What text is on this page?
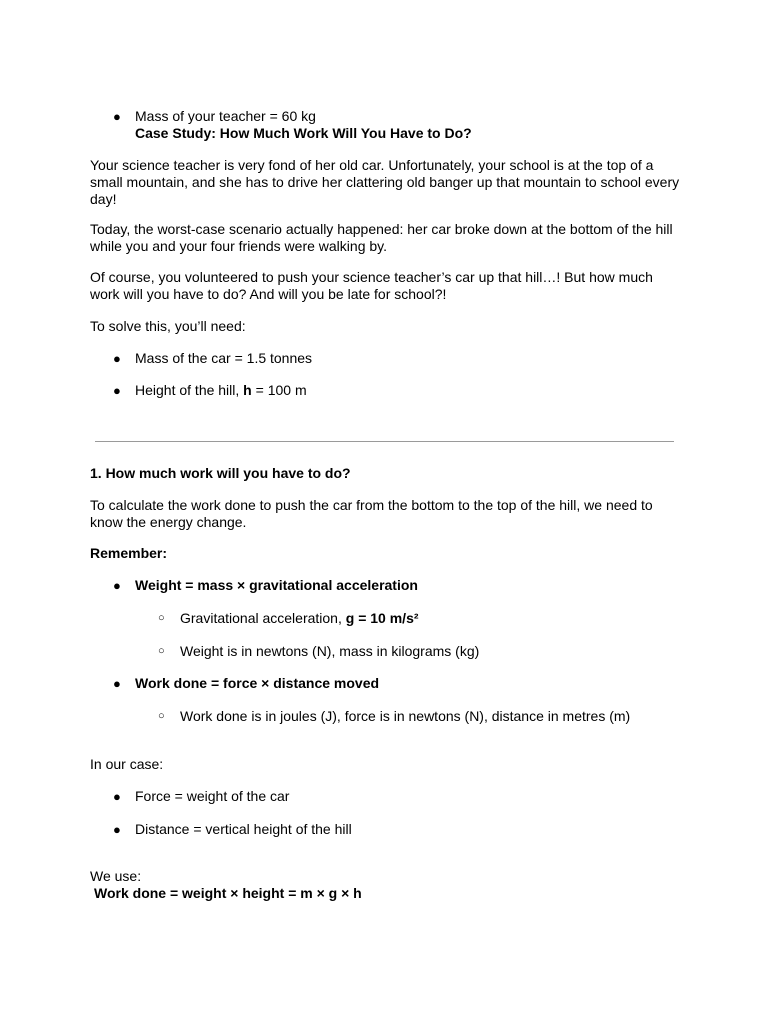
● Mass of your teacher = 60 kg
Case Study: How Much Work Will You Have to Do?
Your science teacher is very fond of her old car. Unfortunately, your school is at the top of a small mountain, and she has to drive her clattering old banger up that mountain to school every day!
Today, the worst-case scenario actually happened: her car broke down at the bottom of the hill while you and your four friends were walking by.
Of course, you volunteered to push your science teacher’s car up that hill…! But how much work will you have to do? And will you be late for school?!
To solve this, you’ll need:
● Mass of the car = 1.5 tonnes
● Height of the hill, h = 100 m
1. How much work will you have to do?
To calculate the work done to push the car from the bottom to the top of the hill, we need to know the energy change.
Remember:
● Weight = mass × gravitational acceleration
○ Gravitational acceleration, g = 10 m/s²
○ Weight is in newtons (N), mass in kilograms (kg)
● Work done = force × distance moved
○ Work done is in joules (J), force is in newtons (N), distance in metres (m)
In our case:
● Force = weight of the car
● Distance = vertical height of the hill
We use:
Work done = weight × height = m × g × h
